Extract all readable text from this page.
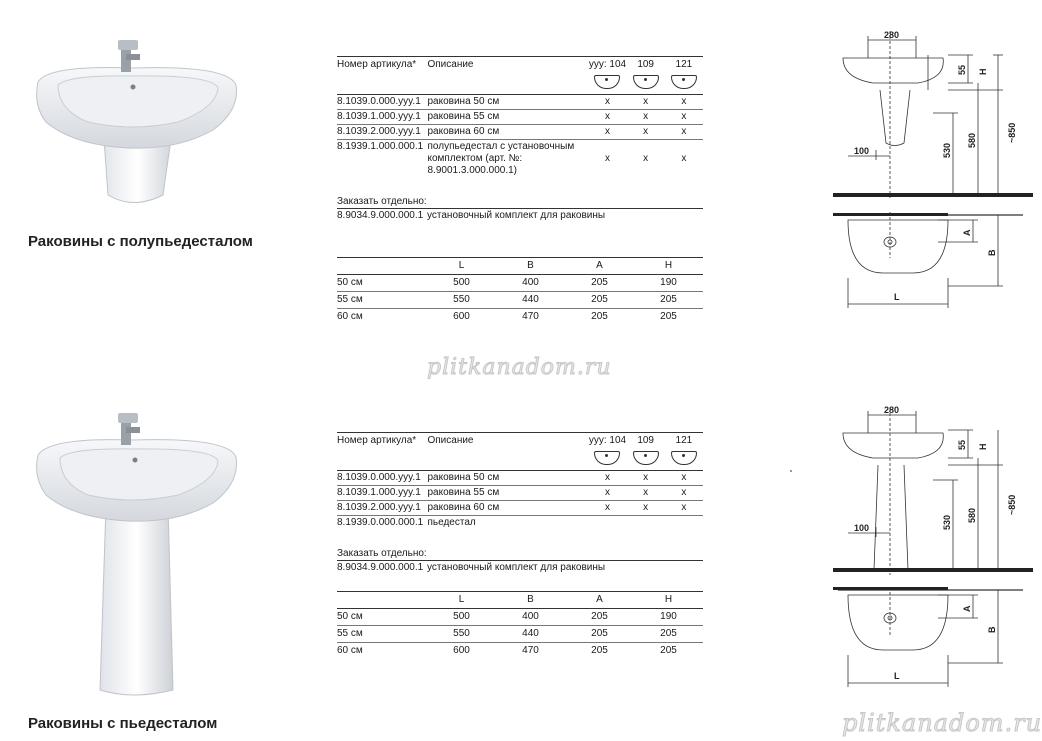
Раковины с полупьедесталом
Номер артикула*	Описание	yyy: 104	109	121

8.1039.0.000.yyy.1	раковина 50 см	x	x	x
8.1039.1.000.yyy.1	раковина 55 см	x	x	x
8.1039.2.000.yyy.1	раковина 60 см	x	x	x
8.1939.1.000.000.1	полупьедестал с установочным комплектом (арт. №: 8.9001.3.000.000.1)	x	x	x
Заказать отдельно:
8.9034.9.000.000.1 установочный комплект для раковины
	L	B	A	H
50 см	500	400	205	190
55 см	550	440	205	205
60 см	600	470	205	205
280
55 H
~850
530
580
100
A
B
L
Раковины с пьедесталом
Номер артикула*	Описание	yyy: 104	109	121

8.1039.0.000.yyy.1	раковина 50 см	x	x	x
8.1039.1.000.yyy.1	раковина 55 см	x	x	x
8.1039.2.000.yyy.1	раковина 60 см	x	x	x
8.1939.0.000.000.1	пьедестал			
Заказать отдельно:
8.9034.9.000.000.1 установочный комплект для раковины
	L	B	A	H
50 см	500	400	205	190
55 см	550	440	205	205
60 см	600	470	205	205
280
55 H
~850
530 580
100
A
B
L
plitkanadom.ru
plitkanadom.ru
